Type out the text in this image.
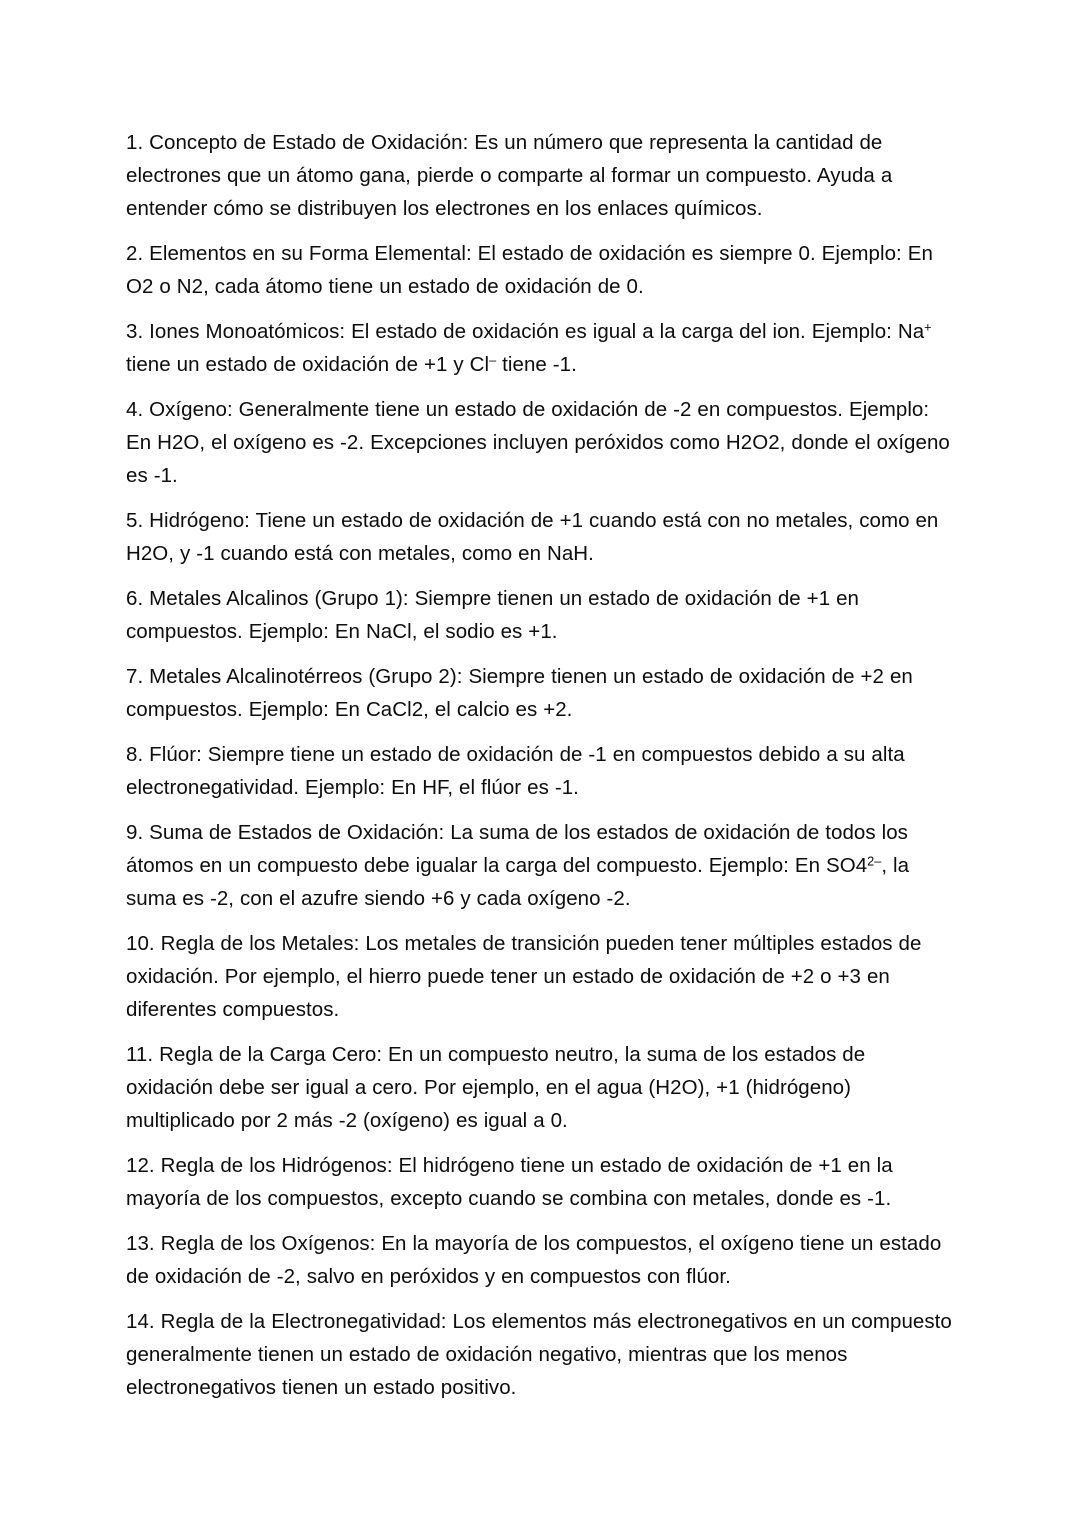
1. Concepto de Estado de Oxidación: Es un número que representa la cantidad de electrones que un átomo gana, pierde o comparte al formar un compuesto. Ayuda a entender cómo se distribuyen los electrones en los enlaces químicos.

2. Elementos en su Forma Elemental: El estado de oxidación es siempre 0. Ejemplo: En O2 o N2, cada átomo tiene un estado de oxidación de 0.

3. Iones Monoatómicos: El estado de oxidación es igual a la carga del ion. Ejemplo: Na+ tiene un estado de oxidación de +1 y Cl– tiene -1.

4. Oxígeno: Generalmente tiene un estado de oxidación de -2 en compuestos. Ejemplo: En H2O, el oxígeno es -2. Excepciones incluyen peróxidos como H2O2, donde el oxígeno es -1.

5. Hidrógeno: Tiene un estado de oxidación de +1 cuando está con no metales, como en H2O, y -1 cuando está con metales, como en NaH.

6. Metales Alcalinos (Grupo 1): Siempre tienen un estado de oxidación de +1 en compuestos. Ejemplo: En NaCl, el sodio es +1.

7. Metales Alcalinotérreos (Grupo 2): Siempre tienen un estado de oxidación de +2 en compuestos. Ejemplo: En CaCl2, el calcio es +2.

8. Flúor: Siempre tiene un estado de oxidación de -1 en compuestos debido a su alta electronegatividad. Ejemplo: En HF, el flúor es -1.

9. Suma de Estados de Oxidación: La suma de los estados de oxidación de todos los átomos en un compuesto debe igualar la carga del compuesto. Ejemplo: En $SO4^{2-}$, la suma es -2, con el azufre siendo +6 y cada oxígeno -2.

10. Regla de los Metales: Los metales de transición pueden tener múltiples estados de oxidación. Por ejemplo, el hierro puede tener un estado de oxidación de +2 o +3 en diferentes compuestos.

11. Regla de la Carga Cero: En un compuesto neutro, la suma de los estados de oxidación debe ser igual a cero. Por ejemplo, en el agua (H2O), +1 (hidrógeno) multiplicado por 2 más -2 (oxígeno) es igual a 0.

12. Regla de los Hidrógenos: El hidrógeno tiene un estado de oxidación de +1 en la mayoría de los compuestos, excepto cuando se combina con metales, donde es -1.

13. Regla de los Oxígenos: En la mayoría de los compuestos, el oxígeno tiene un estado de oxidación de -2, salvo en peróxidos y en compuestos con flúor.

14. Regla de la Electronegatividad: Los elementos más electronegativos en un compuesto generalmente tienen un estado de oxidación negativo, mientras que los menos electronegativos tienen un estado positivo.
